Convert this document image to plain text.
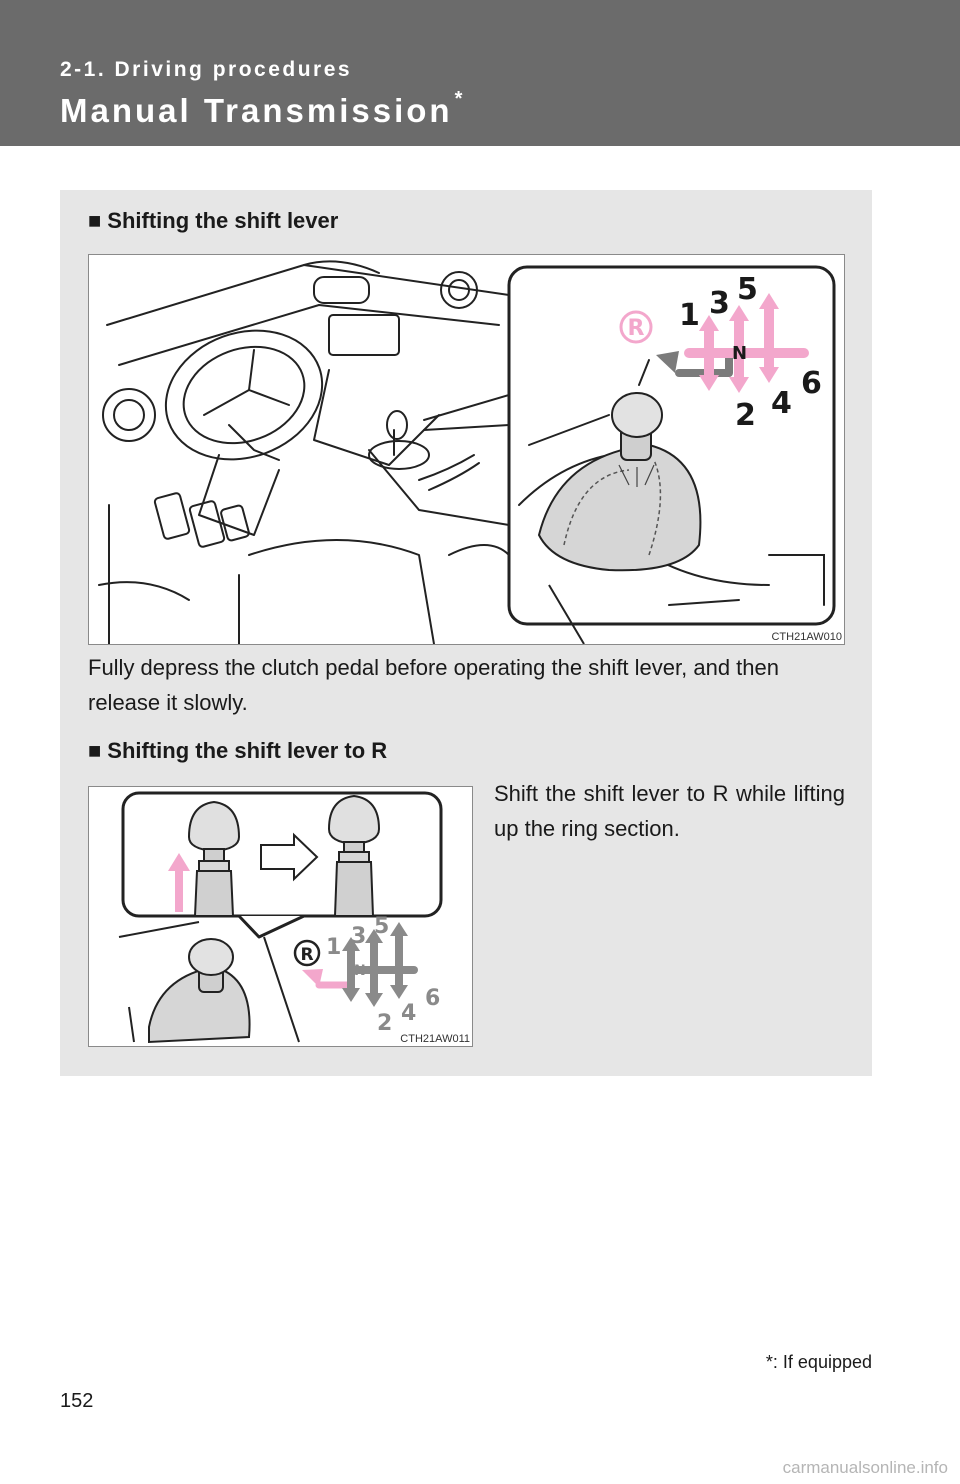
2-1. Driving procedures
Manual Transmission *
■ Shifting the shift lever
R 1 3 5
N
2 4
6
CTH21AW010
Fully depress the clutch pedal before operating the shift lever, and then release it slowly.
■ Shifting the shift lever to R
R 1 3 5
N
2 4
6
CTH21AW011
Shift the shift lever to R while lifting up the ring section.
*: If equipped
152
carmanualsonline.info
